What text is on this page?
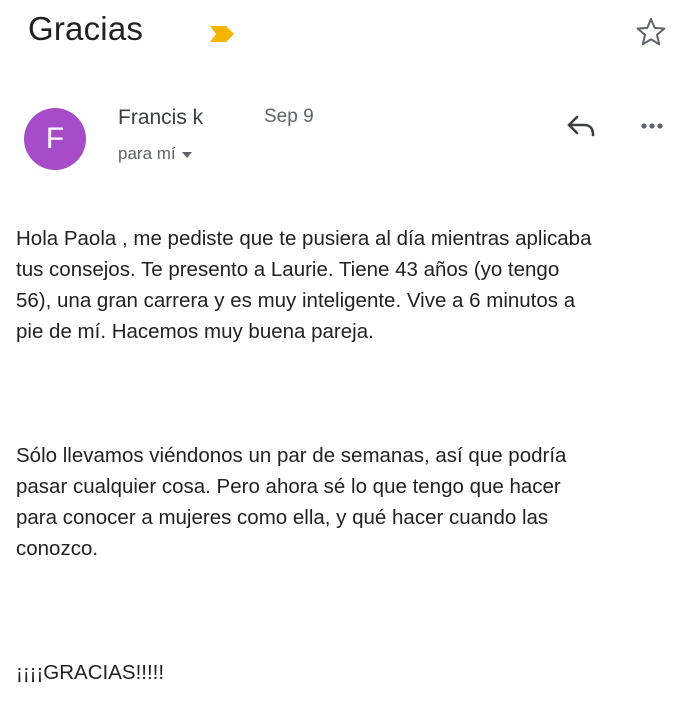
Gracias
F
Francis k	Sep 9
para mí

Hola Paola , me pediste que te pusiera al día mientras aplicaba
tus consejos. Te presento a Laurie. Tiene 43 años (yo tengo
56), una gran carrera y es muy inteligente. Vive a 6 minutos a
pie de mí. Hacemos muy buena pareja.

Sólo llevamos viéndonos un par de semanas, así que podría
pasar cualquier cosa. Pero ahora sé lo que tengo que hacer
para conocer a mujeres como ella, y qué hacer cuando las
conozco.

¡¡¡¡GRACIAS!!!!!
